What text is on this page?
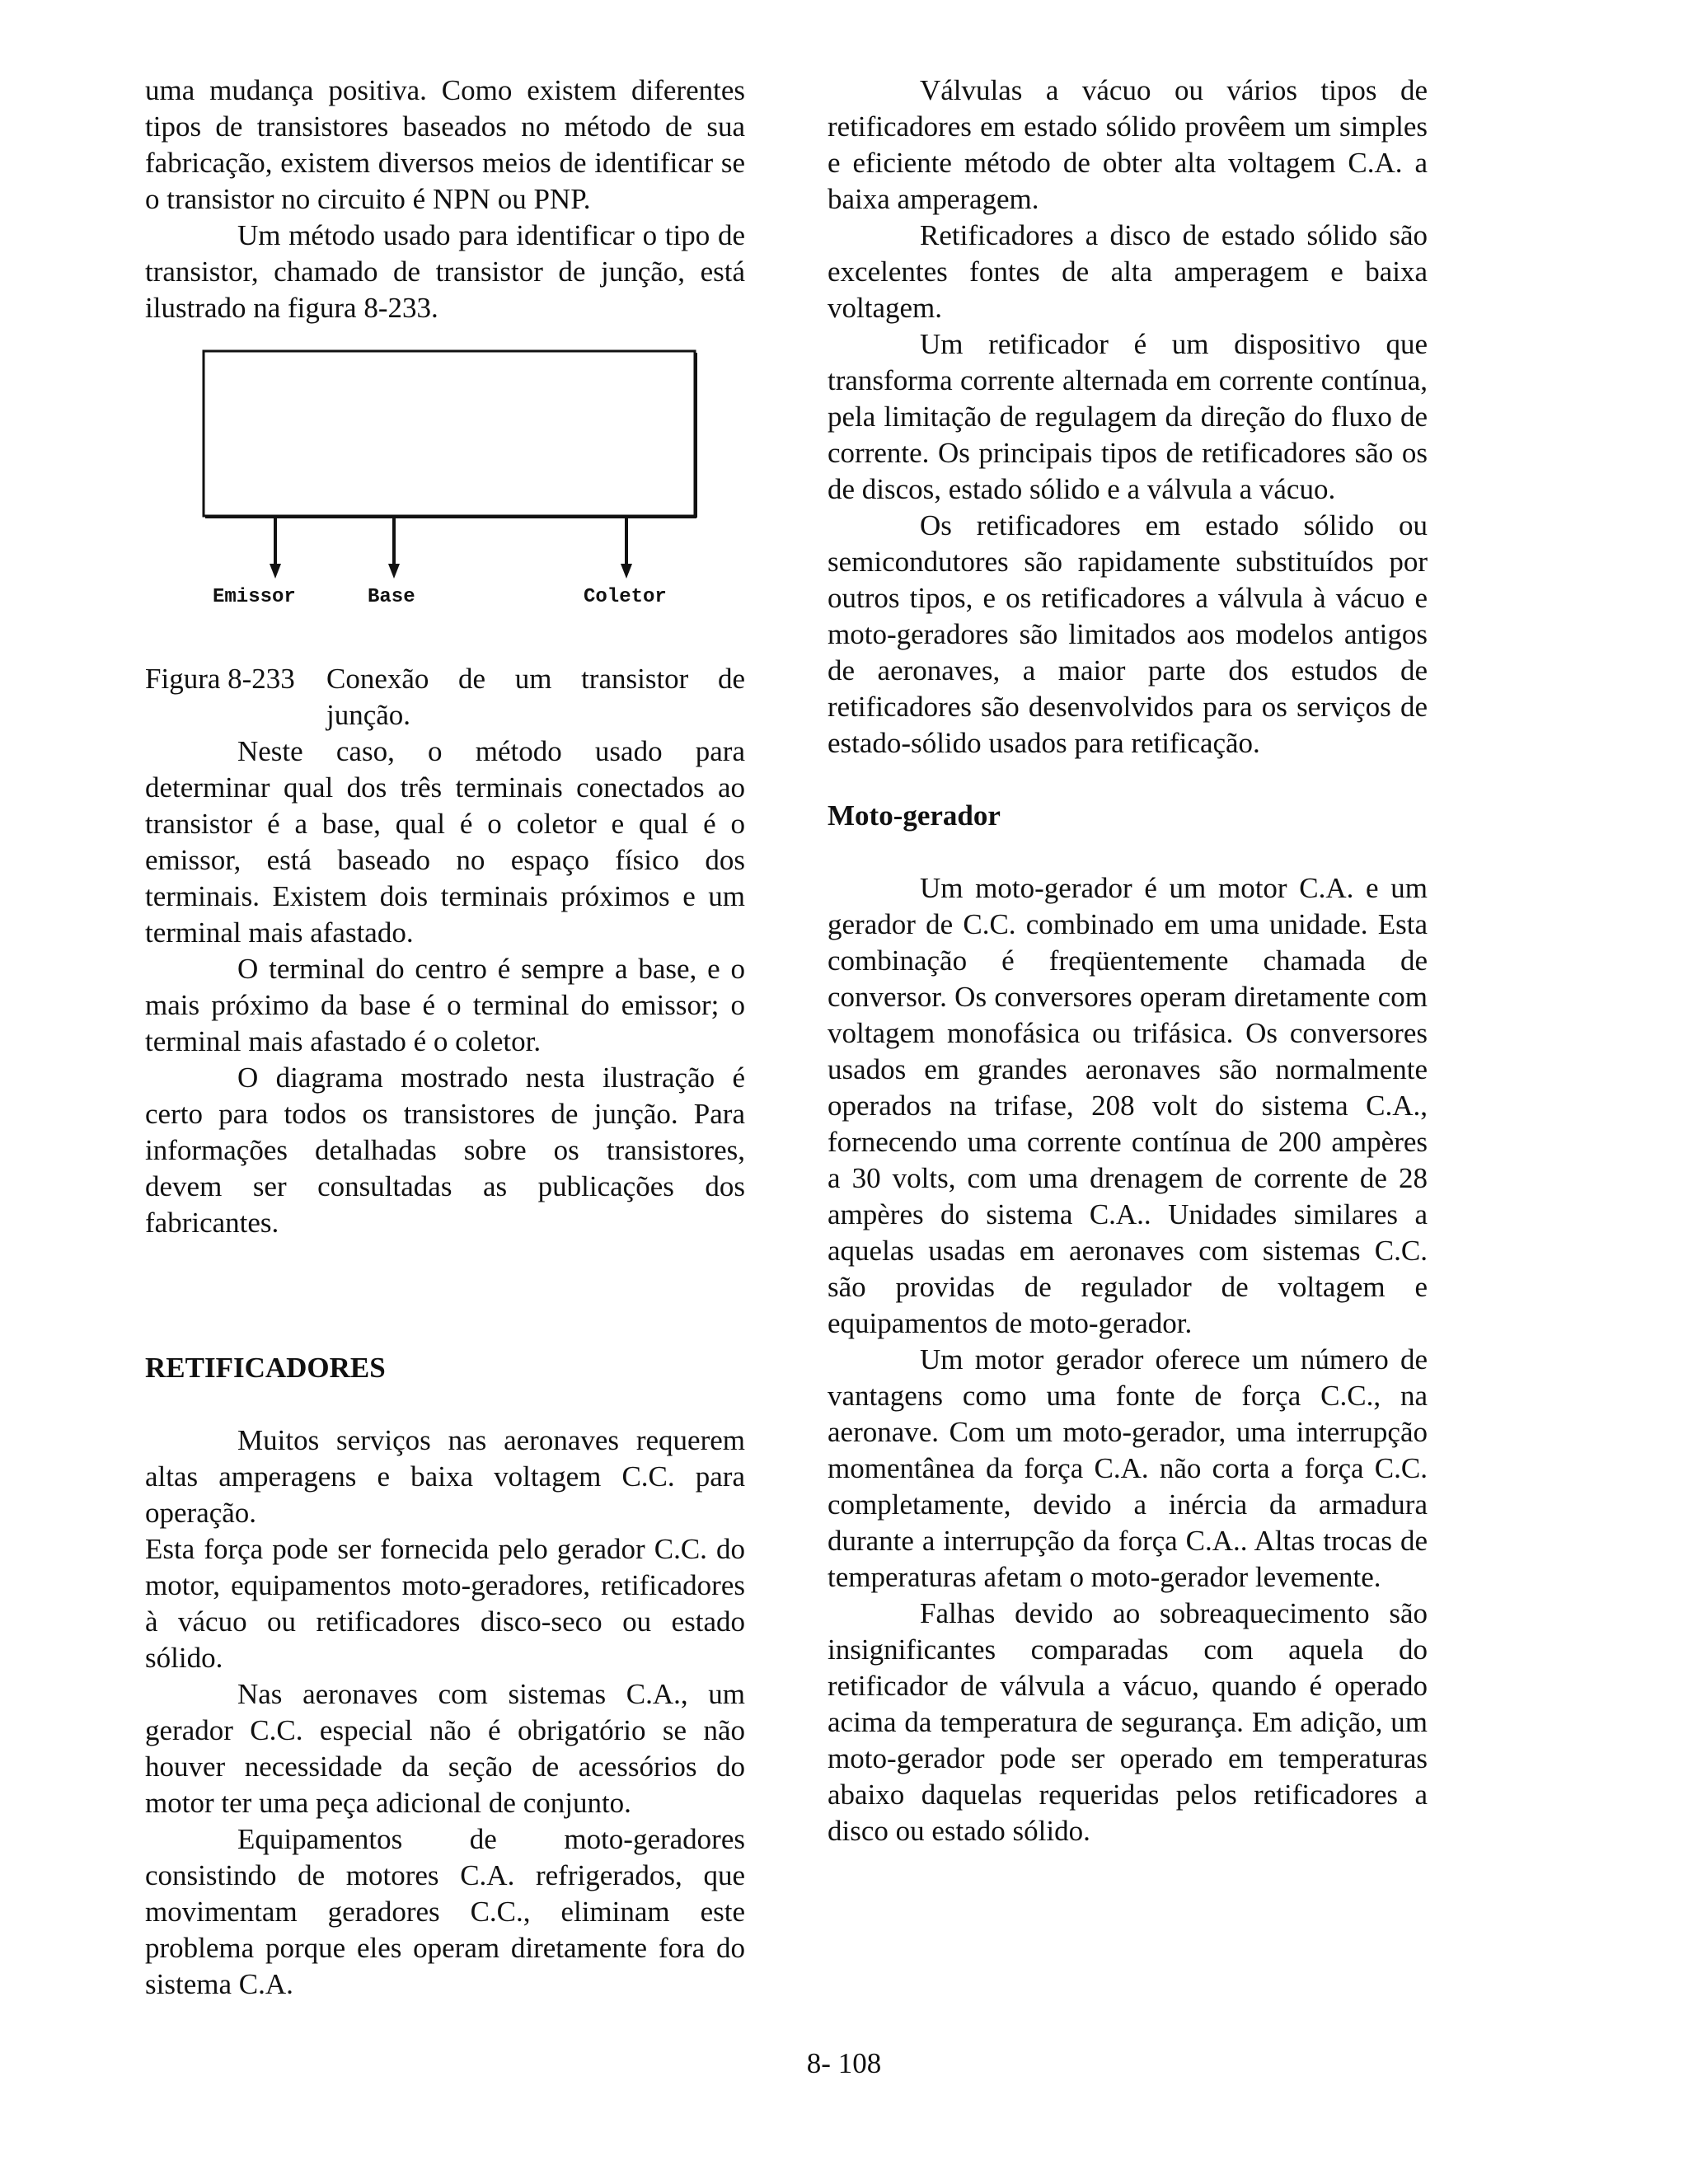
uma mudança positiva. Como existem diferentes tipos de transistores baseados no método de sua fabricação, existem diversos meios de identificar se o transistor no circuito é NPN ou PNP.

Um método usado para identificar o tipo de transistor, chamado de transistor de junção, está ilustrado na figura 8-233.

Emissor	Base	Coletor
Figura 8-233	Conexão de um transistor de junção.

Neste caso, o método usado para determinar qual dos três terminais conectados ao transistor é a base, qual é o coletor e qual é o emissor, está baseado no espaço físico dos terminais. Existem dois terminais próximos e um terminal mais afastado.

O terminal do centro é sempre a base, e o mais próximo da base é o terminal do emissor; o terminal mais afastado é o coletor.

O diagrama mostrado nesta ilustração é certo para todos os transistores de junção. Para informações detalhadas sobre os transistores, devem ser consultadas as publicações dos fabricantes.

RETIFICADORES

Muitos serviços nas aeronaves requerem altas amperagens e baixa voltagem C.C. para operação.

Esta força pode ser fornecida pelo gerador C.C. do motor, equipamentos moto-geradores, retificadores à vácuo ou retificadores disco-seco ou estado sólido.

Nas aeronaves com sistemas C.A., um gerador C.C. especial não é obrigatório se não houver necessidade da seção de acessórios do motor ter uma peça adicional de conjunto.

Equipamentos de moto-geradores consistindo de motores C.A. refrigerados, que movimentam geradores C.C., eliminam este problema porque eles operam diretamente fora do sistema C.A.

Válvulas a vácuo ou vários tipos de retificadores em estado sólido provêem um simples e eficiente método de obter alta voltagem C.A. a baixa amperagem.

Retificadores a disco de estado sólido são excelentes fontes de alta amperagem e baixa voltagem.

Um retificador é um dispositivo que transforma corrente alternada em corrente contínua, pela limitação de regulagem da direção do fluxo de corrente. Os principais tipos de retificadores são os de discos, estado sólido e a válvula a vácuo.

Os retificadores em estado sólido ou semicondutores são rapidamente substituídos por outros tipos, e os retificadores a válvula à vácuo e moto-geradores são limitados aos modelos antigos de aeronaves, a maior parte dos estudos de retificadores são desenvolvidos para os serviços de estado-sólido usados para retificação.

Moto-gerador

Um moto-gerador é um motor C.A. e um gerador de C.C. combinado em uma unidade. Esta combinação é freqüentemente chamada de conversor. Os conversores operam diretamente com voltagem monofásica ou trifásica. Os conversores usados em grandes aeronaves são normalmente operados na trifase, 208 volt do sistema C.A., fornecendo uma corrente contínua de 200 ampères a 30 volts, com uma drenagem de corrente de 28 ampères do sistema C.A.. Unidades similares a aquelas usadas em aeronaves com sistemas C.C. são providas de regulador de voltagem e equipamentos de moto-gerador.

Um motor gerador oferece um número de vantagens como uma fonte de força C.C., na aeronave. Com um moto-gerador, uma interrupção momentânea da força C.A. não corta a força C.C. completamente, devido a inércia da armadura durante a interrupção da força C.A.. Altas trocas de temperaturas afetam o moto-gerador levemente.

Falhas devido ao sobreaquecimento são insignificantes comparadas com aquela do retificador de válvula a vácuo, quando é operado acima da temperatura de segurança. Em adição, um moto-gerador pode ser operado em temperaturas abaixo daquelas requeridas pelos retificadores a disco ou estado sólido.

8- 108
